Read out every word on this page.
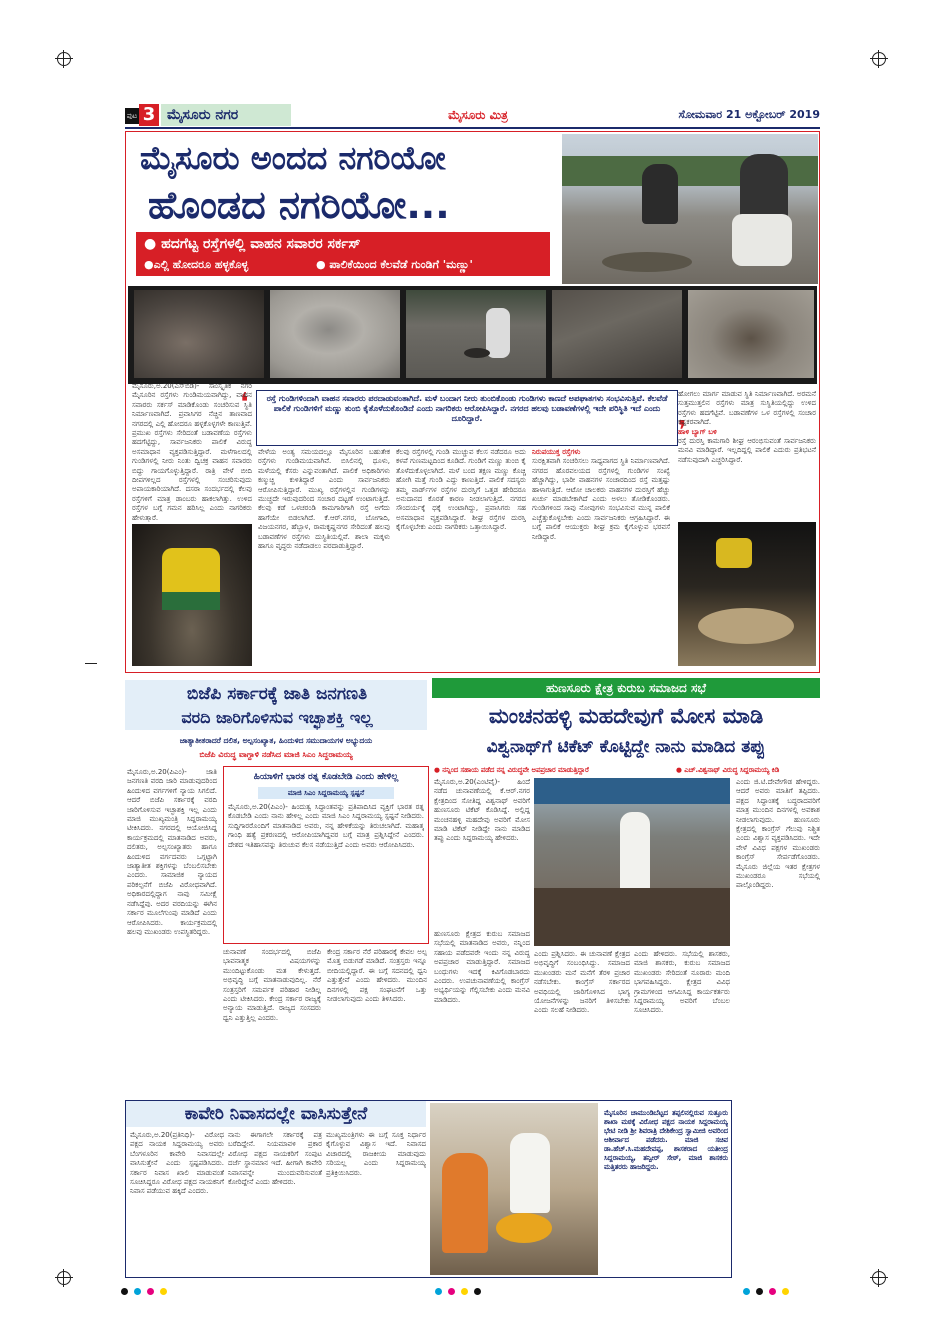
ಪುಟ 3 ಮೈಸೂರು ನಗರ	ಮೈಸೂರು ಮಿತ್ರ	ಸೋಮವಾರ 21 ಅಕ್ಟೋಬರ್ 2019
ಮೈಸೂರು ಅಂದದ ನಗರಿಯೋ
ಹೊಂಡದ ನಗರಿಯೋ...
● ಹದಗೆಟ್ಟ ರಸ್ತೆಗಳಲ್ಲಿ ವಾಹನ ಸವಾರರ ಸರ್ಕಸ್
●ಎಲ್ಲಿ ಹೋದರೂ ಹಳ್ಳಕೊಳ್ಳ	● ಪಾಲಿಕೆಯಿಂದ ಕೆಲವೆಡೆ ಗುಂಡಿಗೆ 'ಮಣ್ಣು'
ರಸ್ತೆ ಗುಂಡಿಗಳಿಂದಾಗಿ ವಾಹನ ಸವಾರರು ಪರದಾಡುವಂತಾಗಿದೆ. ಮಳೆ ಬಂದಾಗ ನೀರು ತುಂಬಿಕೊಂಡು ಗುಂಡಿಗಳು ಕಾಣದೆ ಅಪಘಾತಗಳು ಸಂಭವಿಸುತ್ತಿವೆ. ಕೆಲವೆಡೆ ಪಾಲಿಕೆ ಗುಂಡಿಗಳಿಗೆ ಮಣ್ಣು ತುಂಬಿ ಕೈತೊಳೆದುಕೊಂಡಿದೆ ಎಂದು ನಾಗರಿಕರು ಆರೋಪಿಸಿದ್ದಾರೆ. ನಗರದ ಹಲವು ಬಡಾವಣೆಗಳಲ್ಲಿ ಇದೇ ಪರಿಸ್ಥಿತಿ ಇದೆ ಎಂದು ದೂರಿದ್ದಾರೆ.
❛
❜
ಮೈಸೂರು,ಅ.20(ಎಸ್‌ಬಿಡಿ)- ಸಾಂಸ್ಕೃತಿಕ ನಗರಿ ಮೈಸೂರಿನ ರಸ್ತೆಗಳು ಗುಂಡಿಮಯವಾಗಿದ್ದು, ವಾಹನ ಸವಾರರು ಸರ್ಕಸ್ ಮಾಡಿಕೊಂಡು ಸಂಚರಿಸುವ ಸ್ಥಿತಿ ನಿರ್ಮಾಣವಾಗಿದೆ. ಪ್ರವಾಸಿಗರ ನೆಚ್ಚಿನ ತಾಣವಾದ ನಗರದಲ್ಲಿ ಎಲ್ಲಿ ಹೋದರೂ ಹಳ್ಳಕೊಳ್ಳಗಳೇ ಕಾಣುತ್ತಿವೆ. ಪ್ರಮುಖ ರಸ್ತೆಗಳು ಸೇರಿದಂತೆ ಬಡಾವಣೆಯ ರಸ್ತೆಗಳು ಹದಗೆಟ್ಟಿದ್ದು, ಸಾರ್ವಜನಿಕರು ಪಾಲಿಕೆ ವಿರುದ್ಧ ಅಸಮಾಧಾನ ವ್ಯಕ್ತಪಡಿಸುತ್ತಿದ್ದಾರೆ. ಮಳೆಗಾಲದಲ್ಲಿ ಗುಂಡಿಗಳಲ್ಲಿ ನೀರು ನಿಂತು ದ್ವಿಚಕ್ರ ವಾಹನ ಸವಾರರು ಬಿದ್ದು ಗಾಯಗೊಳ್ಳುತ್ತಿದ್ದಾರೆ. ರಾತ್ರಿ ವೇಳೆ ಬೀದಿ ದೀಪಗಳಿಲ್ಲದ ರಸ್ತೆಗಳಲ್ಲಿ ಸಂಚರಿಸುವುದು ಅಪಾಯಕಾರಿಯಾಗಿದೆ. ದಸರಾ ಸಂದರ್ಭದಲ್ಲಿ ಕೆಲವು ರಸ್ತೆಗಳಿಗೆ ಮಾತ್ರ ಡಾಂಬರು ಹಾಕಲಾಗಿತ್ತು. ಉಳಿದ ರಸ್ತೆಗಳ ಬಗ್ಗೆ ಗಮನ ಹರಿಸಿಲ್ಲ ಎಂದು ನಾಗರಿಕರು ಹೇಳುತ್ತಾರೆ.
ವೇಳೆಯ ಅಂತ್ಯ ಸಮಯದಲ್ಲೂ ಮೈಸೂರಿನ ಬಹುತೇಕ ರಸ್ತೆಗಳು ಗುಂಡಿಮಯವಾಗಿವೆ. ಬಿಸಿಲಿನಲ್ಲಿ ಧೂಳು, ಮಳೆಯಲ್ಲಿ ಕೆಸರು ಎನ್ನುವಂತಾಗಿದೆ. ಪಾಲಿಕೆ ಅಧಿಕಾರಿಗಳು ಕಣ್ಮುಚ್ಚಿ ಕುಳಿತಿದ್ದಾರೆ ಎಂದು ಸಾರ್ವಜನಿಕರು ಆರೋಪಿಸುತ್ತಿದ್ದಾರೆ. ಮುಖ್ಯ ರಸ್ತೆಗಳಲ್ಲಿನ ಗುಂಡಿಗಳನ್ನು ಮುಚ್ಚದೇ ಇರುವುದರಿಂದ ಸಂಚಾರ ದಟ್ಟಣೆ ಉಂಟಾಗುತ್ತಿದೆ. ಕೆಲವು ಕಡೆ ಒಳಚರಂಡಿ ಕಾಮಗಾರಿಗಾಗಿ ರಸ್ತೆ ಅಗೆದು ಹಾಗೆಯೇ ಬಿಡಲಾಗಿದೆ. ಕೆ.ಆರ್.ನಗರ, ಬೋಗಾದಿ, ವಿಜಯನಗರ, ಹೆಬ್ಬಾಳ, ರಾಮಕೃಷ್ಣನಗರ ಸೇರಿದಂತೆ ಹಲವು ಬಡಾವಣೆಗಳ ರಸ್ತೆಗಳು ದುಸ್ಥಿತಿಯಲ್ಲಿವೆ. ಶಾಲಾ ಮಕ್ಕಳು ಹಾಗೂ ವೃದ್ಧರು ನಡೆದಾಡಲು ಪರದಾಡುತ್ತಿದ್ದಾರೆ.
ಕೆಲವು ರಸ್ತೆಗಳಲ್ಲಿ ಗುಂಡಿ ಮುಚ್ಚುವ ಕೆಲಸ ನಡೆದರೂ ಅದು ಕಳಪೆ ಗುಣಮಟ್ಟದಿಂದ ಕೂಡಿದೆ. ಗುಂಡಿಗೆ ಮಣ್ಣು ತುಂಬಿ ಕೈ ತೊಳೆದುಕೊಳ್ಳಲಾಗಿದೆ. ಮಳೆ ಬಂದ ತಕ್ಷಣ ಮಣ್ಣು ಕೊಚ್ಚಿ ಹೋಗಿ ಮತ್ತೆ ಗುಂಡಿ ಎದ್ದು ಕಾಣುತ್ತಿದೆ. ಪಾಲಿಕೆ ಸದಸ್ಯರು ತಮ್ಮ ವಾರ್ಡ್‌ಗಳ ರಸ್ತೆಗಳ ದುರಸ್ತಿಗೆ ಒತ್ತಡ ಹೇರಿದರೂ ಅನುದಾನದ ಕೊರತೆ ಕಾರಣ ನೀಡಲಾಗುತ್ತಿದೆ. ನಗರದ ಸೌಂದರ್ಯಕ್ಕೆ ಧಕ್ಕೆ ಉಂಟಾಗಿದ್ದು, ಪ್ರವಾಸಿಗರು ಸಹ ಅಸಮಾಧಾನ ವ್ಯಕ್ತಪಡಿಸಿದ್ದಾರೆ. ಶೀಘ್ರ ರಸ್ತೆಗಳ ದುರಸ್ತಿ ಕೈಗೊಳ್ಳಬೇಕು ಎಂದು ನಾಗರಿಕರು ಒತ್ತಾಯಿಸಿದ್ದಾರೆ.
ನಿರುಪಯುಕ್ತ ರಸ್ತೆಗಳು
ಸುರಕ್ಷಿತವಾಗಿ ಸಂಚರಿಸಲು ಸಾಧ್ಯವಾಗದ ಸ್ಥಿತಿ ನಿರ್ಮಾಣವಾಗಿದೆ. ನಗರದ ಹೊರವಲಯದ ರಸ್ತೆಗಳಲ್ಲಿ ಗುಂಡಿಗಳ ಸಂಖ್ಯೆ ಹೆಚ್ಚಾಗಿದ್ದು, ಭಾರೀ ವಾಹನಗಳ ಸಂಚಾರದಿಂದ ರಸ್ತೆ ಮತ್ತಷ್ಟು ಹಾಳಾಗುತ್ತಿದೆ. ಆಟೋ ಚಾಲಕರು ವಾಹನಗಳ ದುರಸ್ತಿಗೆ ಹೆಚ್ಚು ಖರ್ಚು ಮಾಡಬೇಕಾಗಿದೆ ಎಂದು ಅಳಲು ತೋಡಿಕೊಂಡರು. ಗುಂಡಿಗಳಿಂದ ಸಾವು ನೋವುಗಳು ಸಂಭವಿಸುವ ಮುನ್ನ ಪಾಲಿಕೆ ಎಚ್ಚೆತ್ತುಕೊಳ್ಳಬೇಕು ಎಂದು ಸಾರ್ವಜನಿಕರು ಆಗ್ರಹಿಸಿದ್ದಾರೆ. ಈ ಬಗ್ಗೆ ಪಾಲಿಕೆ ಆಯುಕ್ತರು ಶೀಘ್ರ ಕ್ರಮ ಕೈಗೊಳ್ಳುವ ಭರವಸೆ ನೀಡಿದ್ದಾರೆ.
ಹೋಗಲು ಮಾರ್ಗ ಮಾಡುವ ಸ್ಥಿತಿ ನಿರ್ಮಾಣವಾಗಿದೆ. ಅರಮನೆ ಸುತ್ತಮುತ್ತಲಿನ ರಸ್ತೆಗಳು ಮಾತ್ರ ಸುಸ್ಥಿತಿಯಲ್ಲಿದ್ದು ಉಳಿದ ರಸ್ತೆಗಳು ಹದಗೆಟ್ಟಿವೆ. ಬಡಾವಣೆಗಳ ಒಳ ರಸ್ತೆಗಳಲ್ಲಿ ಸಂಚಾರ ಕಷ್ಟಕರವಾಗಿದೆ.
ಹಾಳಿ ಬ್ಯಾಗ್ ಬಳಿ
ರಸ್ತೆ ದುರಸ್ತಿ ಕಾಮಗಾರಿ ಶೀಘ್ರ ಆರಂಭಿಸುವಂತೆ ಸಾರ್ವಜನಿಕರು ಮನವಿ ಮಾಡಿದ್ದಾರೆ. ಇಲ್ಲದಿದ್ದಲ್ಲಿ ಪಾಲಿಕೆ ಎದುರು ಪ್ರತಿಭಟನೆ ನಡೆಸುವುದಾಗಿ ಎಚ್ಚರಿಸಿದ್ದಾರೆ.
ಬಿಜೆಪಿ ಸರ್ಕಾರಕ್ಕೆ ಜಾತಿ ಜನಗಣತಿ
ವರದಿ ಜಾರಿಗೊಳಿಸುವ ಇಚ್ಛಾಶಕ್ತಿ ಇಲ್ಲ
ಜಾತ್ಯಾತೀತರಾದರೆ ದಲಿತ, ಅಲ್ಪಸಂಖ್ಯಾತ, ಹಿಂದುಳಿದ ಸಮುದಾಯಗಳ ಅಭ್ಯುದಯ
ಬಿಜೆಪಿ ವಿರುದ್ಧ ವಾಗ್ದಾಳಿ ನಡೆಸಿದ ಮಾಜಿ ಸಿಎಂ ಸಿದ್ದರಾಮಯ್ಯ
ಮೈಸೂರು,ಅ.20(ಪಿಎಂ)- ಜಾತಿ ಜನಗಣತಿ ವರದಿ ಜಾರಿ ಮಾಡುವುದರಿಂದ ಹಿಂದುಳಿದ ವರ್ಗಗಳಿಗೆ ನ್ಯಾಯ ಸಿಗಲಿದೆ. ಆದರೆ ಬಿಜೆಪಿ ಸರ್ಕಾರಕ್ಕೆ ವರದಿ ಜಾರಿಗೊಳಿಸುವ ಇಚ್ಛಾಶಕ್ತಿ ಇಲ್ಲ ಎಂದು ಮಾಜಿ ಮುಖ್ಯಮಂತ್ರಿ ಸಿದ್ದರಾಮಯ್ಯ ಟೀಕಿಸಿದರು. ನಗರದಲ್ಲಿ ಆಯೋಜಿಸಿದ್ದ ಕಾರ್ಯಕ್ರಮದಲ್ಲಿ ಮಾತನಾಡಿದ ಅವರು, ದಲಿತರು, ಅಲ್ಪಸಂಖ್ಯಾತರು ಹಾಗೂ ಹಿಂದುಳಿದ ವರ್ಗದವರು ಒಗ್ಗಟ್ಟಾಗಿ ಜಾತ್ಯಾತೀತ ಶಕ್ತಿಗಳನ್ನು ಬೆಂಬಲಿಸಬೇಕು ಎಂದರು. ಸಾಮಾಜಿಕ ನ್ಯಾಯದ ಪರಿಕಲ್ಪನೆಗೆ ಬಿಜೆಪಿ ವಿರೋಧವಾಗಿದೆ. ಅಧಿಕಾರದಲ್ಲಿದ್ದಾಗ ನಾವು ಸಮೀಕ್ಷೆ ನಡೆಸಿದ್ದೆವು. ಅದರ ವರದಿಯನ್ನು ಈಗಿನ ಸರ್ಕಾರ ಮೂಲೆಗುಂಪು ಮಾಡಿದೆ ಎಂದು ಆರೋಪಿಸಿದರು. ಕಾರ್ಯಕ್ರಮದಲ್ಲಿ ಹಲವು ಮುಖಂಡರು ಉಪಸ್ಥಿತರಿದ್ದರು.
ಹಿಯಾಳಿಗೆ ಭಾರತ ರತ್ನ ಕೊಡಬೇಡಿ ಎಂದು ಹೇಳಿಲ್ಲ
ಮಾಜಿ ಸಿಎಂ ಸಿದ್ದರಾಮಯ್ಯ ಸ್ಪಷ್ಟನೆ
ಮೈಸೂರು,ಅ.20(ಪಿಎಂ)- ಹಿಂದುತ್ವ ಸಿದ್ಧಾಂತವನ್ನು ಪ್ರತಿಪಾದಿಸಿದ ವ್ಯಕ್ತಿಗೆ ಭಾರತ ರತ್ನ ಕೊಡಬೇಡಿ ಎಂದು ನಾನು ಹೇಳಿಲ್ಲ ಎಂದು ಮಾಜಿ ಸಿಎಂ ಸಿದ್ದರಾಮಯ್ಯ ಸ್ಪಷ್ಟನೆ ನೀಡಿದರು. ಸುದ್ದಿಗಾರರೊಂದಿಗೆ ಮಾತನಾಡಿದ ಅವರು, ನನ್ನ ಹೇಳಿಕೆಯನ್ನು ತಿರುಚಲಾಗಿದೆ. ಮಹಾತ್ಮ ಗಾಂಧಿ ಹತ್ಯೆ ಪ್ರಕರಣದಲ್ಲಿ ಆರೋಪಿಯಾಗಿದ್ದವರ ಬಗ್ಗೆ ಮಾತ್ರ ಪ್ರಶ್ನಿಸಿದ್ದೇನೆ ಎಂದರು. ದೇಶದ ಇತಿಹಾಸವನ್ನು ತಿರುಚುವ ಕೆಲಸ ನಡೆಯುತ್ತಿದೆ ಎಂದು ಅವರು ಆರೋಪಿಸಿದರು.
ಚುನಾವಣೆ ಸಂದರ್ಭದಲ್ಲಿ ಬಿಜೆಪಿ ಭಾವನಾತ್ಮಕ ವಿಷಯಗಳನ್ನು ಮುಂದಿಟ್ಟುಕೊಂಡು ಮತ ಕೇಳುತ್ತದೆ. ಅಭಿವೃದ್ಧಿ ಬಗ್ಗೆ ಮಾತನಾಡುವುದಿಲ್ಲ. ನೆರೆ ಸಂತ್ರಸ್ತರಿಗೆ ಸಮರ್ಪಕ ಪರಿಹಾರ ನೀಡಿಲ್ಲ ಎಂದು ಟೀಕಿಸಿದರು. ಕೇಂದ್ರ ಸರ್ಕಾರ ರಾಜ್ಯಕ್ಕೆ ಅನ್ಯಾಯ ಮಾಡುತ್ತಿದೆ. ರಾಜ್ಯದ ಸಂಸದರು ಧ್ವನಿ ಎತ್ತುತ್ತಿಲ್ಲ ಎಂದರು.
ಕೇಂದ್ರ ಸರ್ಕಾರ ನೆರೆ ಪರಿಹಾರಕ್ಕೆ ಕೇವಲ ಅಲ್ಪ ಮೊತ್ತ ಬಿಡುಗಡೆ ಮಾಡಿದೆ. ಸಂತ್ರಸ್ತರು ಇನ್ನೂ ಬೀದಿಯಲ್ಲಿದ್ದಾರೆ. ಈ ಬಗ್ಗೆ ಸದನದಲ್ಲಿ ಧ್ವನಿ ಎತ್ತುತ್ತೇವೆ ಎಂದು ಹೇಳಿದರು. ಮುಂದಿನ ದಿನಗಳಲ್ಲಿ ಪಕ್ಷ ಸಂಘಟನೆಗೆ ಒತ್ತು ನೀಡಲಾಗುವುದು ಎಂದು ತಿಳಿಸಿದರು.
ಹುಣಸೂರು ಕ್ಷೇತ್ರ ಕುರುಬ ಸಮಾಜದ ಸಭೆ
ಮಂಚನಹಳ್ಳಿ ಮಹದೇವುಗೆ ಮೋಸ ಮಾಡಿ
ವಿಶ್ವನಾಥ್‌ಗೆ ಟಿಕೆಟ್ ಕೊಟ್ಟಿದ್ದೇ ನಾನು ಮಾಡಿದ ತಪ್ಪು
● ನನ್ನಿಂದ ಸಹಾಯ ಪಡೆದ ನನ್ನ ವಿರುದ್ಧವೇ ಅಪಪ್ರಚಾರ ಮಾಡುತ್ತಿದ್ದಾರೆ	● ಎಚ್.ವಿಶ್ವನಾಥ್ ವಿರುದ್ಧ ಸಿದ್ದರಾಮಯ್ಯ ಕಿಡಿ
ಮೈಸೂರು,ಅ.20(ಎಂಟಿವೈ)- ಹಿಂದೆ ನಡೆದ ಚುನಾವಣೆಯಲ್ಲಿ ಕೆ.ಆರ್.ನಗರ ಕ್ಷೇತ್ರದಿಂದ ಸೋತಿದ್ದ ವಿಶ್ವನಾಥ್ ಅವರಿಗೆ ಹುಣಸೂರು ಟಿಕೆಟ್ ಕೊಡಿಸಿದ್ದೆ. ಅಲ್ಲಿದ್ದ ಮಂಚನಹಳ್ಳಿ ಮಹದೇವು ಅವರಿಗೆ ಮೋಸ ಮಾಡಿ ಟಿಕೆಟ್ ನೀಡಿದ್ದೇ ನಾನು ಮಾಡಿದ ತಪ್ಪು ಎಂದು ಸಿದ್ದರಾಮಯ್ಯ ಹೇಳಿದರು.
ಎಂದು ಜಿ.ಟಿ.ದೇವೇಗೌಡ ಹೇಳಿದ್ದರು. ಆದರೆ ಅವರು ಮಾತಿಗೆ ತಪ್ಪಿದರು. ಪಕ್ಷದ ಸಿದ್ಧಾಂತಕ್ಕೆ ಬದ್ಧರಾದವರಿಗೆ ಮಾತ್ರ ಮುಂದಿನ ದಿನಗಳಲ್ಲಿ ಅವಕಾಶ ನೀಡಲಾಗುವುದು. ಹುಣಸೂರು ಕ್ಷೇತ್ರದಲ್ಲಿ ಕಾಂಗ್ರೆಸ್ ಗೆಲುವು ನಿಶ್ಚಿತ ಎಂದು ವಿಶ್ವಾಸ ವ್ಯಕ್ತಪಡಿಸಿದರು. ಇದೇ ವೇಳೆ ವಿವಿಧ ಪಕ್ಷಗಳ ಮುಖಂಡರು ಕಾಂಗ್ರೆಸ್ ಸೇರ್ಪಡೆಗೊಂಡರು. ಮೈಸೂರು ಜಿಲ್ಲೆಯ ಇತರ ಕ್ಷೇತ್ರಗಳ ಮುಖಂಡರೂ ಸಭೆಯಲ್ಲಿ ಪಾಲ್ಗೊಂಡಿದ್ದರು.
ಹುಣಸೂರು ಕ್ಷೇತ್ರದ ಕುರುಬ ಸಮಾಜದ ಸಭೆಯಲ್ಲಿ ಮಾತನಾಡಿದ ಅವರು, ನನ್ನಿಂದ ಸಹಾಯ ಪಡೆದವರೇ ಇಂದು ನನ್ನ ವಿರುದ್ಧ ಅಪಪ್ರಚಾರ ಮಾಡುತ್ತಿದ್ದಾರೆ. ಸಮಾಜದ ಬಂಧುಗಳು ಇದಕ್ಕೆ ಕಿವಿಗೊಡಬಾರದು ಎಂದರು. ಉಪಚುನಾವಣೆಯಲ್ಲಿ ಕಾಂಗ್ರೆಸ್ ಅಭ್ಯರ್ಥಿಯನ್ನು ಗೆಲ್ಲಿಸಬೇಕು ಎಂದು ಮನವಿ ಮಾಡಿದರು.
ಎಂದು ಪ್ರಶ್ನಿಸಿದರು. ಈ ಚುನಾವಣೆ ಕ್ಷೇತ್ರದ ಅಭಿವೃದ್ಧಿಗೆ ಸಂಬಂಧಿಸಿದ್ದು. ಸಮಾಜದ ಮುಖಂಡರು ಮನೆ ಮನೆಗೆ ತೆರಳಿ ಪ್ರಚಾರ ನಡೆಸಬೇಕು. ಕಾಂಗ್ರೆಸ್ ಸರ್ಕಾರದ ಅವಧಿಯಲ್ಲಿ ಜಾರಿಗೊಳಿಸಿದ ಭಾಗ್ಯ ಯೋಜನೆಗಳನ್ನು ಜನರಿಗೆ ತಿಳಿಸಬೇಕು ಎಂದು ಸಲಹೆ ನೀಡಿದರು.
ಎಂದು ಹೇಳಿದರು. ಸಭೆಯಲ್ಲಿ ಶಾಸಕರು, ಮಾಜಿ ಶಾಸಕರು, ಕುರುಬ ಸಮಾಜದ ಮುಖಂಡರು ಸೇರಿದಂತೆ ನೂರಾರು ಮಂದಿ ಭಾಗವಹಿಸಿದ್ದರು. ಕ್ಷೇತ್ರದ ವಿವಿಧ ಗ್ರಾಮಗಳಿಂದ ಆಗಮಿಸಿದ್ದ ಕಾರ್ಯಕರ್ತರು ಸಿದ್ದರಾಮಯ್ಯ ಅವರಿಗೆ ಬೆಂಬಲ ಸೂಚಿಸಿದರು.
ಕಾವೇರಿ ನಿವಾಸದಲ್ಲೇ ವಾಸಿಸುತ್ತೇನೆ
ಮೈಸೂರು,ಅ.20(ಪ್ರತಿನಿಧಿ)- ವಿರೋಧ ಪಕ್ಷದ ನಾಯಕ ಸಿದ್ದರಾಮಯ್ಯ ಅವರು ಬೆಂಗಳೂರಿನ ಕಾವೇರಿ ನಿವಾಸದಲ್ಲೇ ವಾಸಿಸುತ್ತೇನೆ ಎಂದು ಸ್ಪಷ್ಟಪಡಿಸಿದರು. ಸರ್ಕಾರ ನಿವಾಸ ಖಾಲಿ ಮಾಡುವಂತೆ ಸೂಚಿಸಿದ್ದರೂ ವಿರೋಧ ಪಕ್ಷದ ನಾಯಕನಿಗೆ ನಿವಾಸ ಪಡೆಯುವ ಹಕ್ಕಿದೆ ಎಂದರು.
ನಾನು ಈಗಾಗಲೇ ಸರ್ಕಾರಕ್ಕೆ ಪತ್ರ ಬರೆದಿದ್ದೇನೆ. ನಿಯಮಾವಳಿ ಪ್ರಕಾರ ವಿರೋಧ ಪಕ್ಷದ ನಾಯಕರಿಗೆ ಸಂಪುಟ ದರ್ಜೆ ಸ್ಥಾನಮಾನ ಇದೆ. ಹೀಗಾಗಿ ಕಾವೇರಿ ನಿವಾಸವನ್ನೇ ಮುಂದುವರಿಸುವಂತೆ ಕೋರಿದ್ದೇನೆ ಎಂದು ಹೇಳಿದರು.
ಮುಖ್ಯಮಂತ್ರಿಗಳು ಈ ಬಗ್ಗೆ ಸೂಕ್ತ ನಿರ್ಧಾರ ಕೈಗೊಳ್ಳುವ ವಿಶ್ವಾಸ ಇದೆ. ನಿವಾಸದ ವಿಚಾರದಲ್ಲಿ ರಾಜಕೀಯ ಮಾಡುವುದು ಸರಿಯಲ್ಲ ಎಂದು ಸಿದ್ದರಾಮಯ್ಯ ಪ್ರತಿಕ್ರಿಯಿಸಿದರು.
ಮೈಸೂರಿನ ಚಾಮುಂಡಿಬೆಟ್ಟದ ತಪ್ಪಲಿನಲ್ಲಿರುವ ಸುತ್ತೂರು ಶಾಖಾ ಮಠಕ್ಕೆ ವಿರೋಧ ಪಕ್ಷದ ನಾಯಕ ಸಿದ್ದರಾಮಯ್ಯ ಭೇಟಿ ನೀಡಿ ಶ್ರೀ ಶಿವರಾತ್ರಿ ದೇಶಿಕೇಂದ್ರ ಸ್ವಾಮೀಜಿ ಅವರಿಂದ ಆಶೀರ್ವಾದ ಪಡೆದರು. ಮಾಜಿ ಸಚಿವ ಡಾ.ಹೆಚ್.ಸಿ.ಮಹದೇವಪ್ಪ, ಶಾಸಕರಾದ ಯತೀಂದ್ರ ಸಿದ್ದರಾಮಯ್ಯ, ತನ್ವೀರ್ ಸೇಠ್, ಮಾಜಿ ಶಾಸಕರು ಮತ್ತಿತರರು ಹಾಜರಿದ್ದರು.
